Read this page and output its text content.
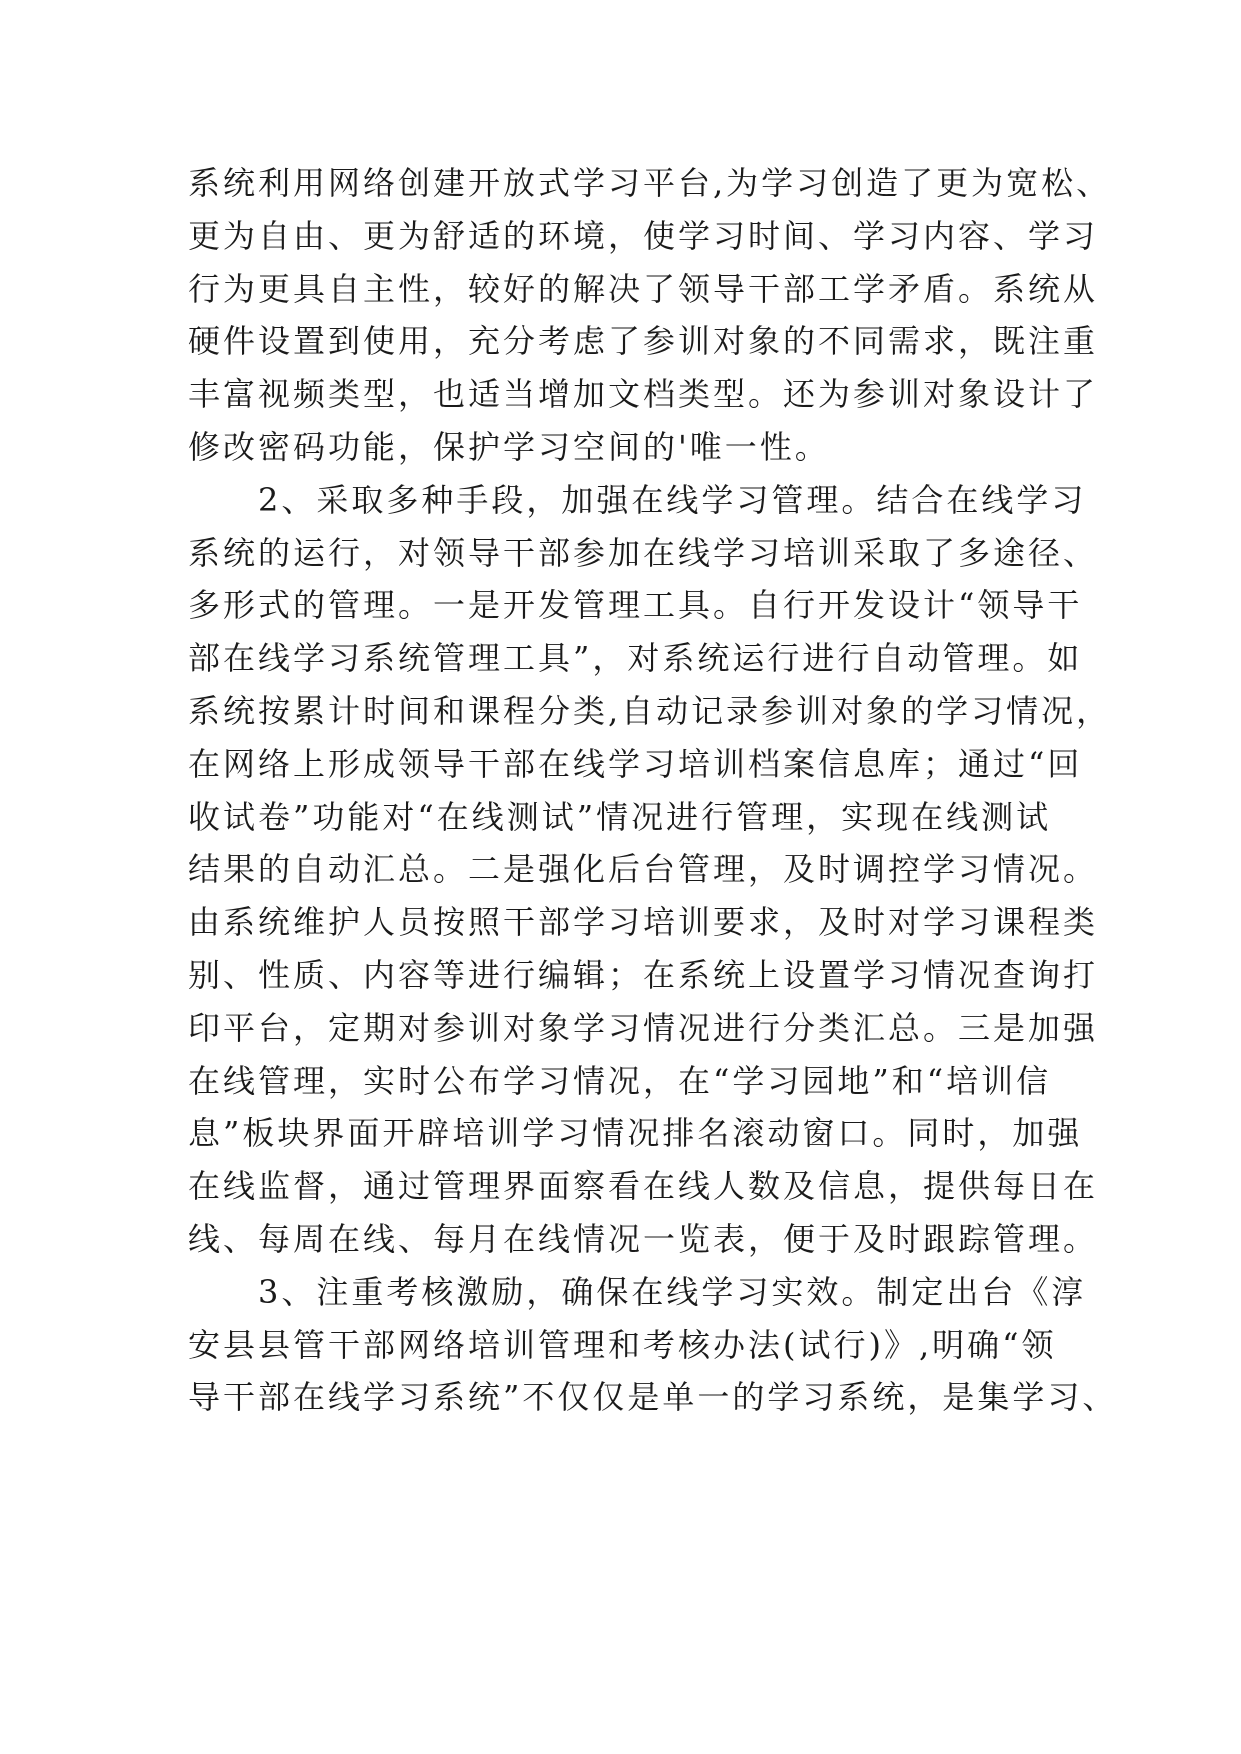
系统利用网络创建开放式学习平台,为学习创造了更为宽松、
更为自由、更为舒适的环境，使学习时间、学习内容、学习
行为更具自主性，较好的解决了领导干部工学矛盾。系统从
硬件设置到使用，充分考虑了参训对象的不同需求，既注重
丰富视频类型，也适当增加文档类型。还为参训对象设计了
修改密码功能，保护学习空间的'唯一性。
　　2、采取多种手段，加强在线学习管理。结合在线学习
系统的运行，对领导干部参加在线学习培训采取了多途径、
多形式的管理。一是开发管理工具。自行开发设计“领导干
部在线学习系统管理工具”，对系统运行进行自动管理。如
系统按累计时间和课程分类,自动记录参训对象的学习情况，
在网络上形成领导干部在线学习培训档案信息库；通过“回
收试卷”功能对“在线测试”情况进行管理，实现在线测试
结果的自动汇总。二是强化后台管理，及时调控学习情况。
由系统维护人员按照干部学习培训要求，及时对学习课程类
别、性质、内容等进行编辑；在系统上设置学习情况查询打
印平台，定期对参训对象学习情况进行分类汇总。三是加强
在线管理，实时公布学习情况，在“学习园地”和“培训信
息”板块界面开辟培训学习情况排名滚动窗口。同时，加强
在线监督，通过管理界面察看在线人数及信息，提供每日在
线、每周在线、每月在线情况一览表，便于及时跟踪管理。
　　3、注重考核激励，确保在线学习实效。制定出台《淳
安县县管干部网络培训管理和考核办法(试行)》,明确“领
导干部在线学习系统”不仅仅是单一的学习系统，是集学习、
